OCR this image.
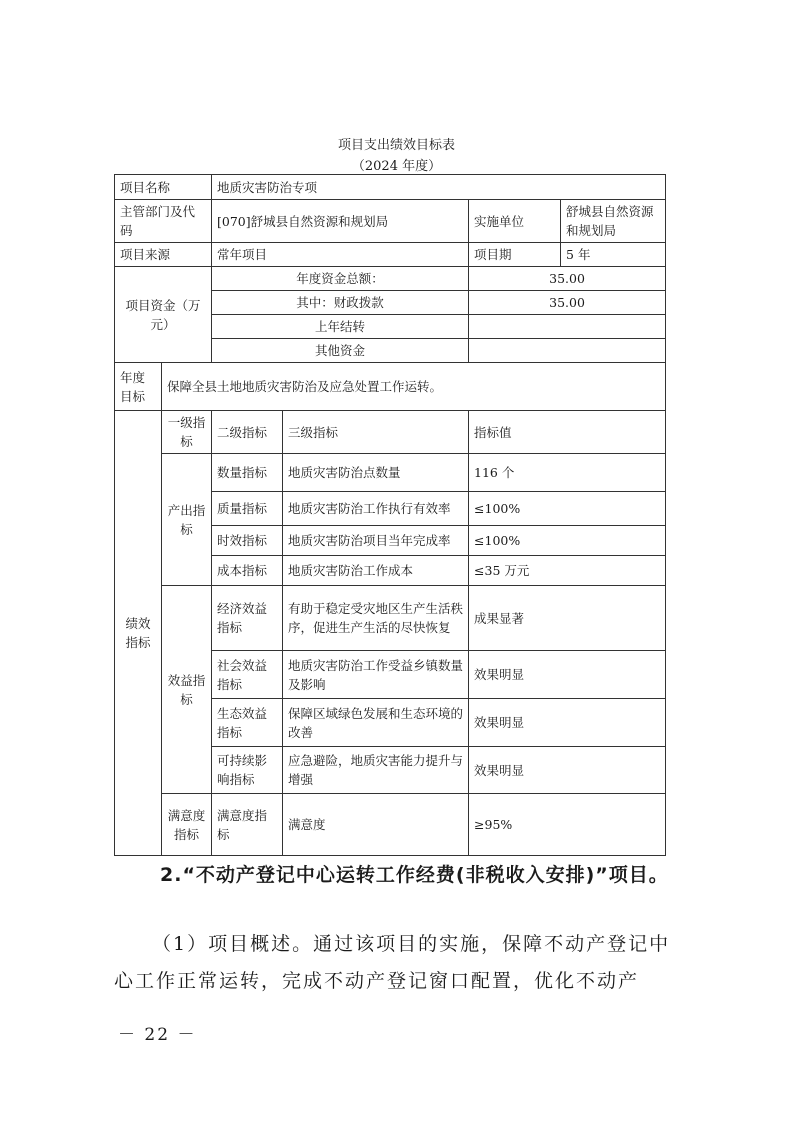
项目支出绩效目标表
（2024 年度）
项目名称		地质灾害防治专项			
主管部门及代码		[070]舒城县自然资源和规划局		实施单位	舒城县自然资源和规划局
项目来源		常年项目		项目期	5 年
项目资金（万元）		年度资金总额：		35.00	
		其中：财政拨款		35.00	
		上年结转			
		其他资金			
年度目标	保障全县土地地质灾害防治及应急处置工作运转。				
绩效指标	一级指标	二级指标	三级指标	指标值	
	产出指标	数量指标	地质灾害防治点数量	116 个	
		质量指标	地质灾害防治工作执行有效率	≤100%	
		时效指标	地质灾害防治项目当年完成率	≤100%	
		成本指标	地质灾害防治工作成本	≤35 万元	
	效益指标	经济效益指标	有助于稳定受灾地区生产生活秩序，促进生产生活的尽快恢复	成果显著	
		社会效益指标	地质灾害防治工作受益乡镇数量及影响	效果明显	
		生态效益指标	保障区域绿色发展和生态环境的改善	效果明显	
		可持续影响指标	应急避险，地质灾害能力提升与增强	效果明显	
	满意度指标	满意度指标	满意度	≥95%	
2.“不动产登记中心运转工作经费(非税收入安排)”项目。
（1）项目概述。通过该项目的实施，保障不动产登记中心工作正常运转，完成不动产登记窗口配置，优化不动产
－ 22 －
